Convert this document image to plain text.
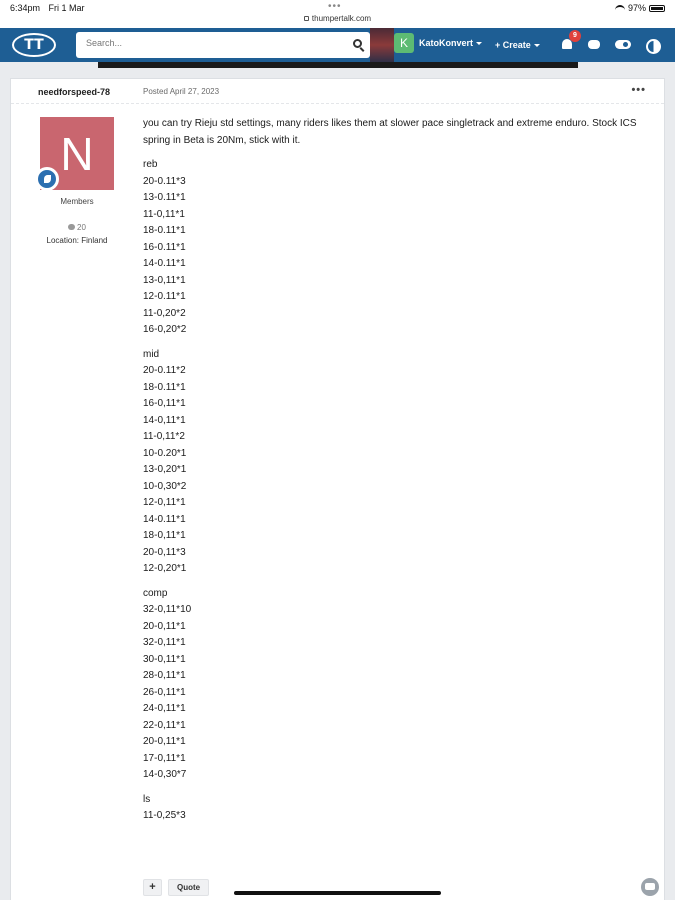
6:34pm Fri 1 Mar	•••
thumpertalk.com
97%
TT
Search...	K	KatoKonvert + Create
9
needforspeed-78	Posted April 27, 2023	•••
N
Members
20
Location: Finland

you can try Rieju std settings, many riders likes them at slower pace singletrack and extreme enduro. Stock ICS spring in Beta is 20Nm, stick with it.

reb
20-0.11*3
13-0.11*1
11-0,11*1
18-0.11*1
16-0.11*1
14-0.11*1
13-0,11*1
12-0.11*1
11-0,20*2
16-0,20*2
mid
20-0.11*2
18-0.11*1
16-0,11*1
14-0,11*1
11-0,11*2
10-0.20*1
13-0,20*1
10-0,30*2
12-0,11*1
14-0.11*1
18-0,11*1
20-0,11*3
12-0,20*1
comp
32-0,11*10
20-0,11*1
32-0,11*1
30-0,11*1
28-0,11*1
26-0,11*1
24-0,11*1
22-0,11*1
20-0,11*1
17-0,11*1
14-0,30*7
ls
11-0,25*3
+	Quote
